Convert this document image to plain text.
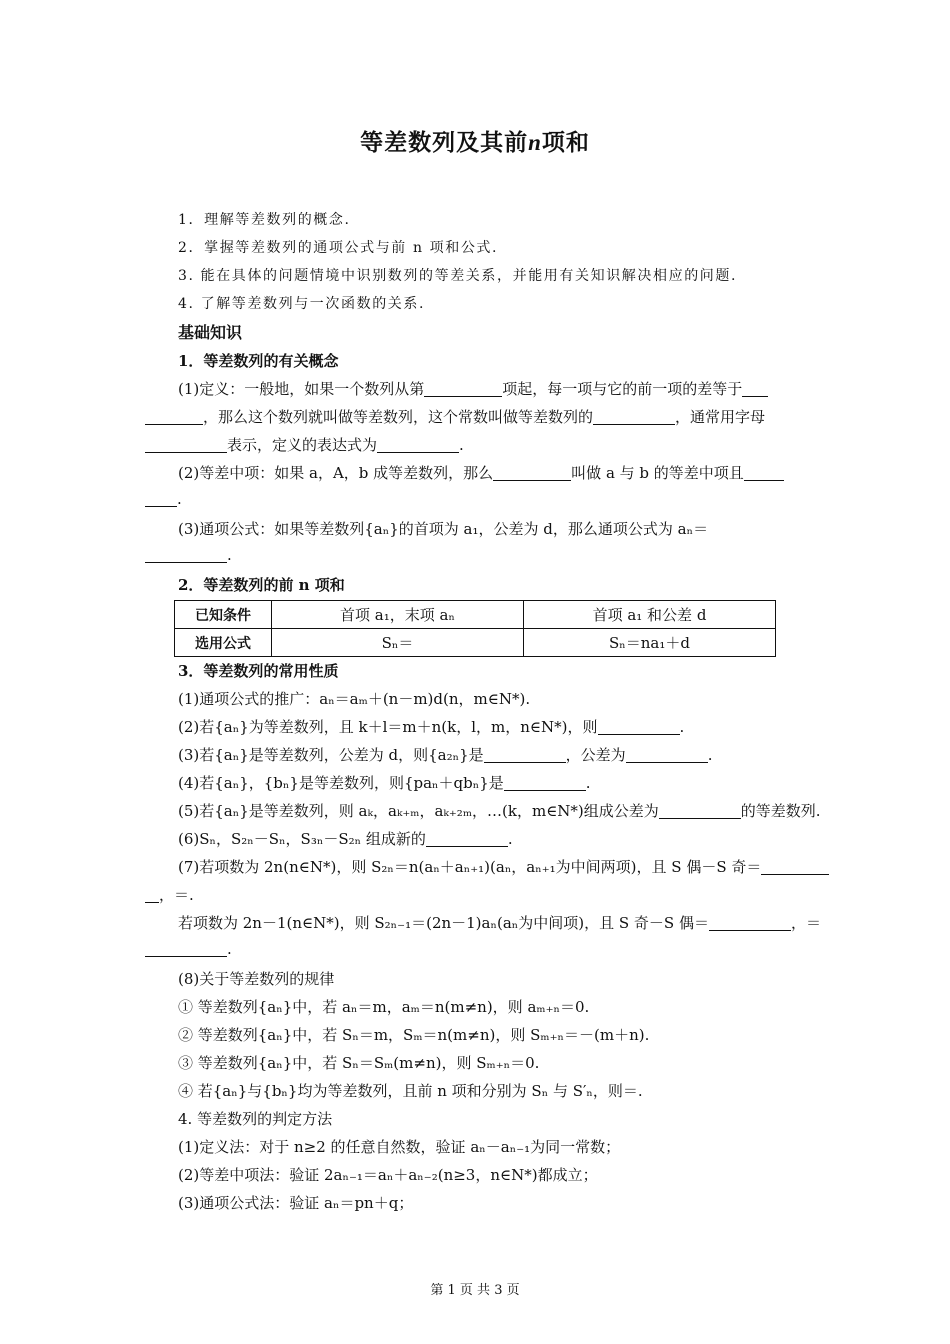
等差数列及其前n项和
1．理解等差数列的概念.
2．掌握等差数列的通项公式与前 n 项和公式.
3. 能在具体的问题情境中识别数列的等差关系，并能用有关知识解决相应的问题.
4. 了解等差数列与一次函数的关系.
基础知识
1．等差数列的有关概念
(1)定义：一般地，如果一个数列从第	项起，每一项与它的前一项的差等于
，那么这个数列就叫做等差数列，这个常数叫做等差数列的	，通常用字母
表示，定义的表达式为	.
(2)等差中项：如果 a，A，b 成等差数列，那么	叫做 a 与 b 的等差中项且
.
(3)通项公式：如果等差数列{aₙ}的首项为 a₁，公差为 d，那么通项公式为 aₙ＝
.
2．等差数列的前 n 项和
已知条件	首项 a₁，末项 aₙ	首项 a₁ 和公差 d
选用公式	Sₙ＝	Sₙ＝na₁＋d
3．等差数列的常用性质
(1)通项公式的推广：aₙ＝aₘ＋(n－m)d(n，m∈N*).
(2)若{aₙ}为等差数列，且 k＋l＝m＋n(k，l，m，n∈N*)，则	.
(3)若{aₙ}是等差数列，公差为 d，则{a₂ₙ}是	，公差为	.
(4)若{aₙ}，{bₙ}是等差数列，则{paₙ＋qbₙ}是	.
(5)若{aₙ}是等差数列，则 aₖ，aₖ₊ₘ，aₖ₊₂ₘ，…(k，m∈N*)组成公差为	的等差数列.
(6)Sₙ，S₂ₙ－Sₙ，S₃ₙ－S₂ₙ 组成新的	.
(7)若项数为 2n(n∈N*)，则 S₂ₙ＝n(aₙ＋aₙ₊₁)(aₙ，aₙ₊₁为中间两项)，且 S 偶－S 奇＝
，＝.
若项数为 2n－1(n∈N*)，则 S₂ₙ₋₁＝(2n－1)aₙ(aₙ为中间项)，且 S 奇－S 偶＝	，＝
.
(8)关于等差数列的规律
① 等差数列{aₙ}中，若 aₙ＝m，aₘ＝n(m≠n)，则 aₘ₊ₙ＝0.
② 等差数列{aₙ}中，若 Sₙ＝m，Sₘ＝n(m≠n)，则 Sₘ₊ₙ＝－(m＋n).
③ 等差数列{aₙ}中，若 Sₙ＝Sₘ(m≠n)，则 Sₘ₊ₙ＝0.
④ 若{aₙ}与{bₙ}均为等差数列，且前 n 项和分别为 Sₙ 与 S′ₙ，则＝.
4. 等差数列的判定方法
(1)定义法：对于 n≥2 的任意自然数，验证 aₙ－aₙ₋₁为同一常数；
(2)等差中项法：验证 2aₙ₋₁＝aₙ＋aₙ₋₂(n≥3，n∈N*)都成立；
(3)通项公式法：验证 aₙ＝pn＋q；
第 1 页 共 3 页
